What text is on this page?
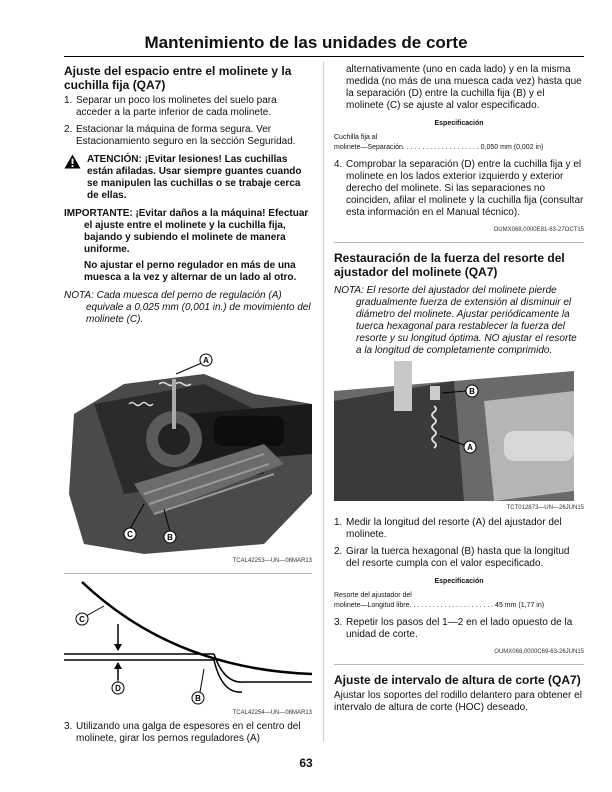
Mantenimiento de las unidades de corte
Ajuste del espacio entre el molinete y la cuchilla fija (QA7)
1. Separar un poco los molinetes del suelo para acceder a la parte inferior de cada molinete.
2. Estacionar la máquina de forma segura. Ver Estacionamiento seguro en la sección Seguridad.
ATENCIÓN: ¡Evitar lesiones! Las cuchillas están afiladas. Usar siempre guantes cuando se manipulen las cuchillas o se trabaje cerca de ellas.

IMPORTANTE: ¡Evitar daños a la máquina! Efectuar el ajuste entre el molinete y la cuchilla fija, bajando y subiendo el molinete de manera uniforme.

No ajustar el perno regulador en más de una muesca a la vez y alternar de un lado al otro.

NOTA: Cada muesca del perno de regulación (A) equivale a 0,025 mm (0,001 in.) de movimiento del molinete (C).

A
C	B

TCAL42253—UN—08MAR13

C
D
B

TCAL42254—UN—08MAR13

3. Utilizando una galga de espesores en el centro del molinete, girar los pernos reguladores (A)

alternativamente (uno en cada lado) y en la misma medida (no más de una muesca cada vez) hasta que la separación (D) entre la cuchilla fija (B) y el molinete (C) se ajuste al valor especificado.

Especificación

Cuchilla fija al

molinete—Separación. . . . . . . . . . . . . . . . . . . . 0,050 mm (0,002 in)

4. Comprobar la separación (D) entre la cuchilla fija y el molinete en los lados exterior izquierdo y exterior derecho del molinete. Si las separaciones no coinciden, afilar el molinete y la cuchilla fija (consultar esta información en el Manual técnico).

OUMX068,0000E81-63-27OCT15

Restauración de la fuerza del resorte del ajustador del molinete (QA7)

NOTA: El resorte del ajustador del molinete pierde gradualmente fuerza de extensión al disminuir el diámetro del molinete. Ajustar periódicamente la tuerca hexagonal para restablecer la fuerza del resorte y su longitud óptima. NO ajustar el resorte a la longitud de completamente comprimido.

B
A

TCT012873—UN—26JUN15

1. Medir la longitud del resorte (A) del ajustador del molinete.
2. Girar la tuerca hexagonal (B) hasta que la longitud del resorte cumpla con el valor especificado.

Especificación

Resorte del ajustador del

molinete—Longitud libre. . . . . . . . . . . . . . . . . . . . . . 45 mm (1,77 in)

3. Repetir los pasos del 1—2 en el lado opuesto de la unidad de corte.

OUMX068,0000C69-63-26JUN15

Ajuste de intervalo de altura de corte (QA7)

Ajustar los soportes del rodillo delantero para obtener el intervalo de altura de corte (HOC) deseado.

63
